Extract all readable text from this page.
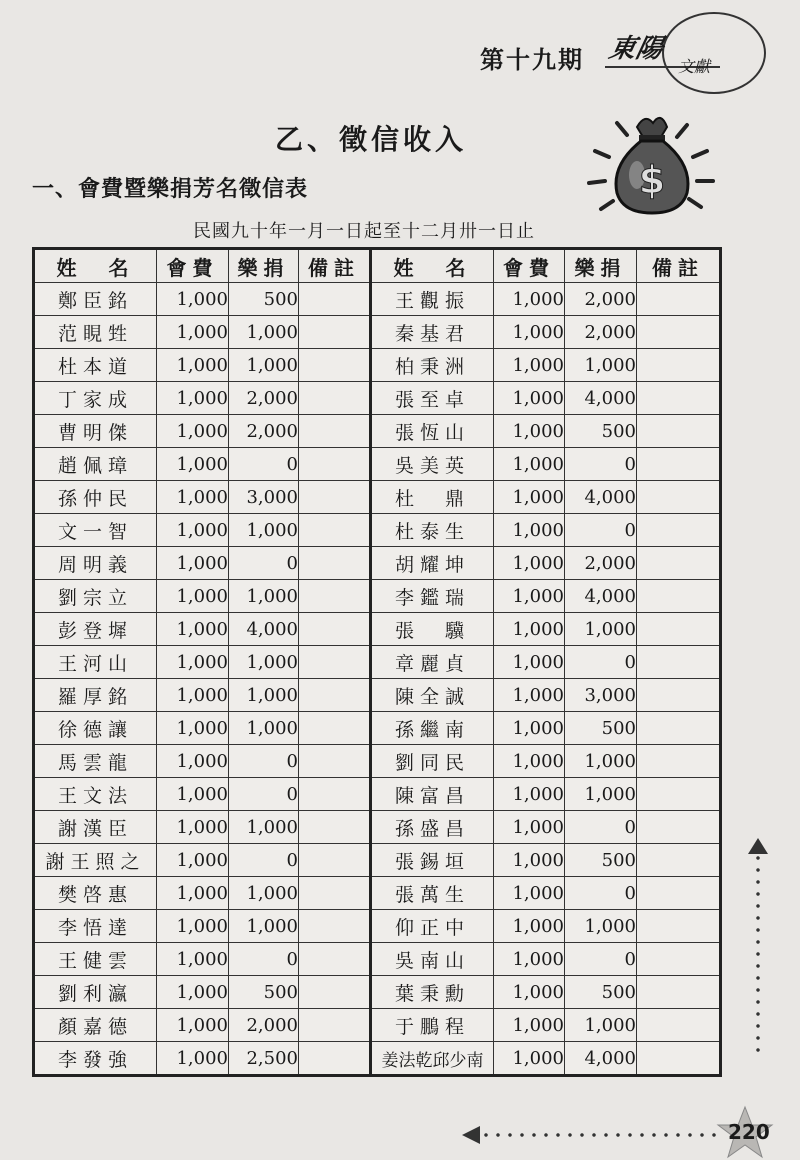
第十九期 東陽
文獻
乙、徵信收入
一、會費暨樂捐芳名徵信表
民國九十年一月一日起至十二月卅一日止
$
姓　名	會費	樂捐	備註	姓　名	會費	樂捐	備註
鄭臣銘	1,000	500		王觀振	1,000	2,000	
范睍甡	1,000	1,000		秦基君	1,000	2,000	
杜本道	1,000	1,000		柏秉洲	1,000	1,000	
丁家成	1,000	2,000		張至卓	1,000	4,000	
曹明傑	1,000	2,000		張恆山	1,000	500	
趙佩璋	1,000	0		吳美英	1,000	0	
孫仲民	1,000	3,000		杜　鼎	1,000	4,000	
文一智	1,000	1,000		杜泰生	1,000	0	
周明義	1,000	0		胡耀坤	1,000	2,000	
劉宗立	1,000	1,000		李鑑瑞	1,000	4,000	
彭登墀	1,000	4,000		張　驥	1,000	1,000	
王河山	1,000	1,000		章麗貞	1,000	0	
羅厚銘	1,000	1,000		陳全誠	1,000	3,000	
徐德讓	1,000	1,000		孫繼南	1,000	500	
馬雲龍	1,000	0		劉同民	1,000	1,000	
王文法	1,000	0		陳富昌	1,000	1,000	
謝漢臣	1,000	1,000		孫盛昌	1,000	0	
謝王照之	1,000	0		張錫垣	1,000	500	
樊啓惠	1,000	1,000		張萬生	1,000	0	
李悟達	1,000	1,000		仰正中	1,000	1,000	
王健雲	1,000	0		吳南山	1,000	0	
劉利瀛	1,000	500		葉秉勳	1,000	500	
顏嘉德	1,000	2,000		于鵬程	1,000	1,000	
李發強	1,000	2,500		姜法乾邱少南	1,000	4,000	
220
